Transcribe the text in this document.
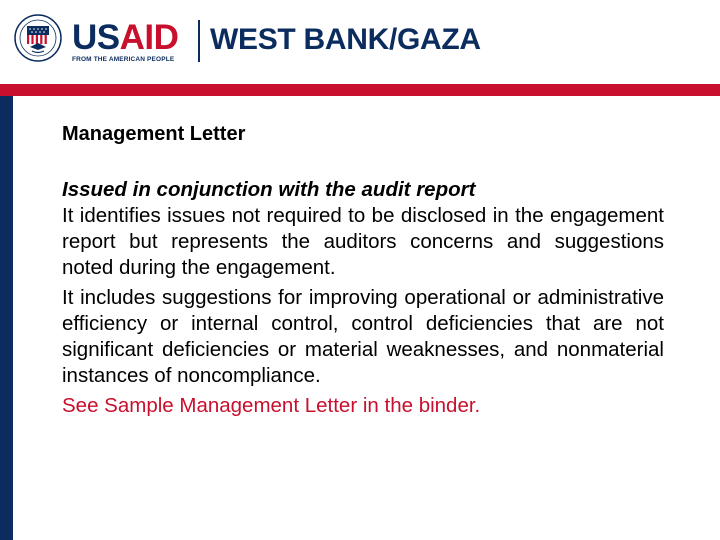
USAID
FROM THE AMERICAN PEOPLE
WEST BANK/GAZA

Management Letter

Issued in conjunction with the audit report

It identifies issues not required to be disclosed in the engagement report but represents the auditors concerns and suggestions noted during the engagement.

It includes suggestions for improving operational or administrative efficiency or internal control, control deficiencies that are not significant deficiencies or material weaknesses, and nonmaterial instances of noncompliance.

See Sample Management Letter in the binder.
